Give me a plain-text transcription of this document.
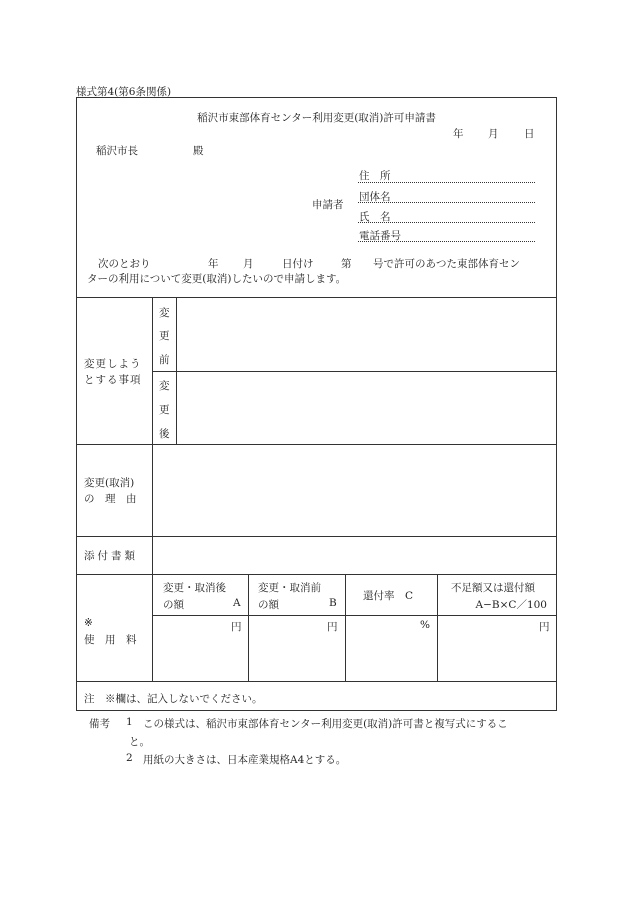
様式第4(第6条関係)
稲沢市東部体育センター利用変更(取消)許可申請書
年 月 日
稲沢市長	殿
申請者
住　所
団体名
氏　名
電話番号
次のとおり	年 月	日付け	第 号で許可のあつた東部体育セン
ターの利用について変更(取消)したいので申請します。
変更しよう
とする事項
変
更
前
変
更
後
変更(取消)
の　理　由
添付書類
※
使　用　料
変更・取消後
の額	A
変更・取消前
の額	B
還付率　C
不足額又は還付額
A−B×C／100
円	円	%	円
注　※欄は、記入しないでください。
備考 1 この様式は、稲沢市東部体育センター利用変更(取消)許可書と複写式にするこ
と。
2 用紙の大きさは、日本産業規格A4とする。
